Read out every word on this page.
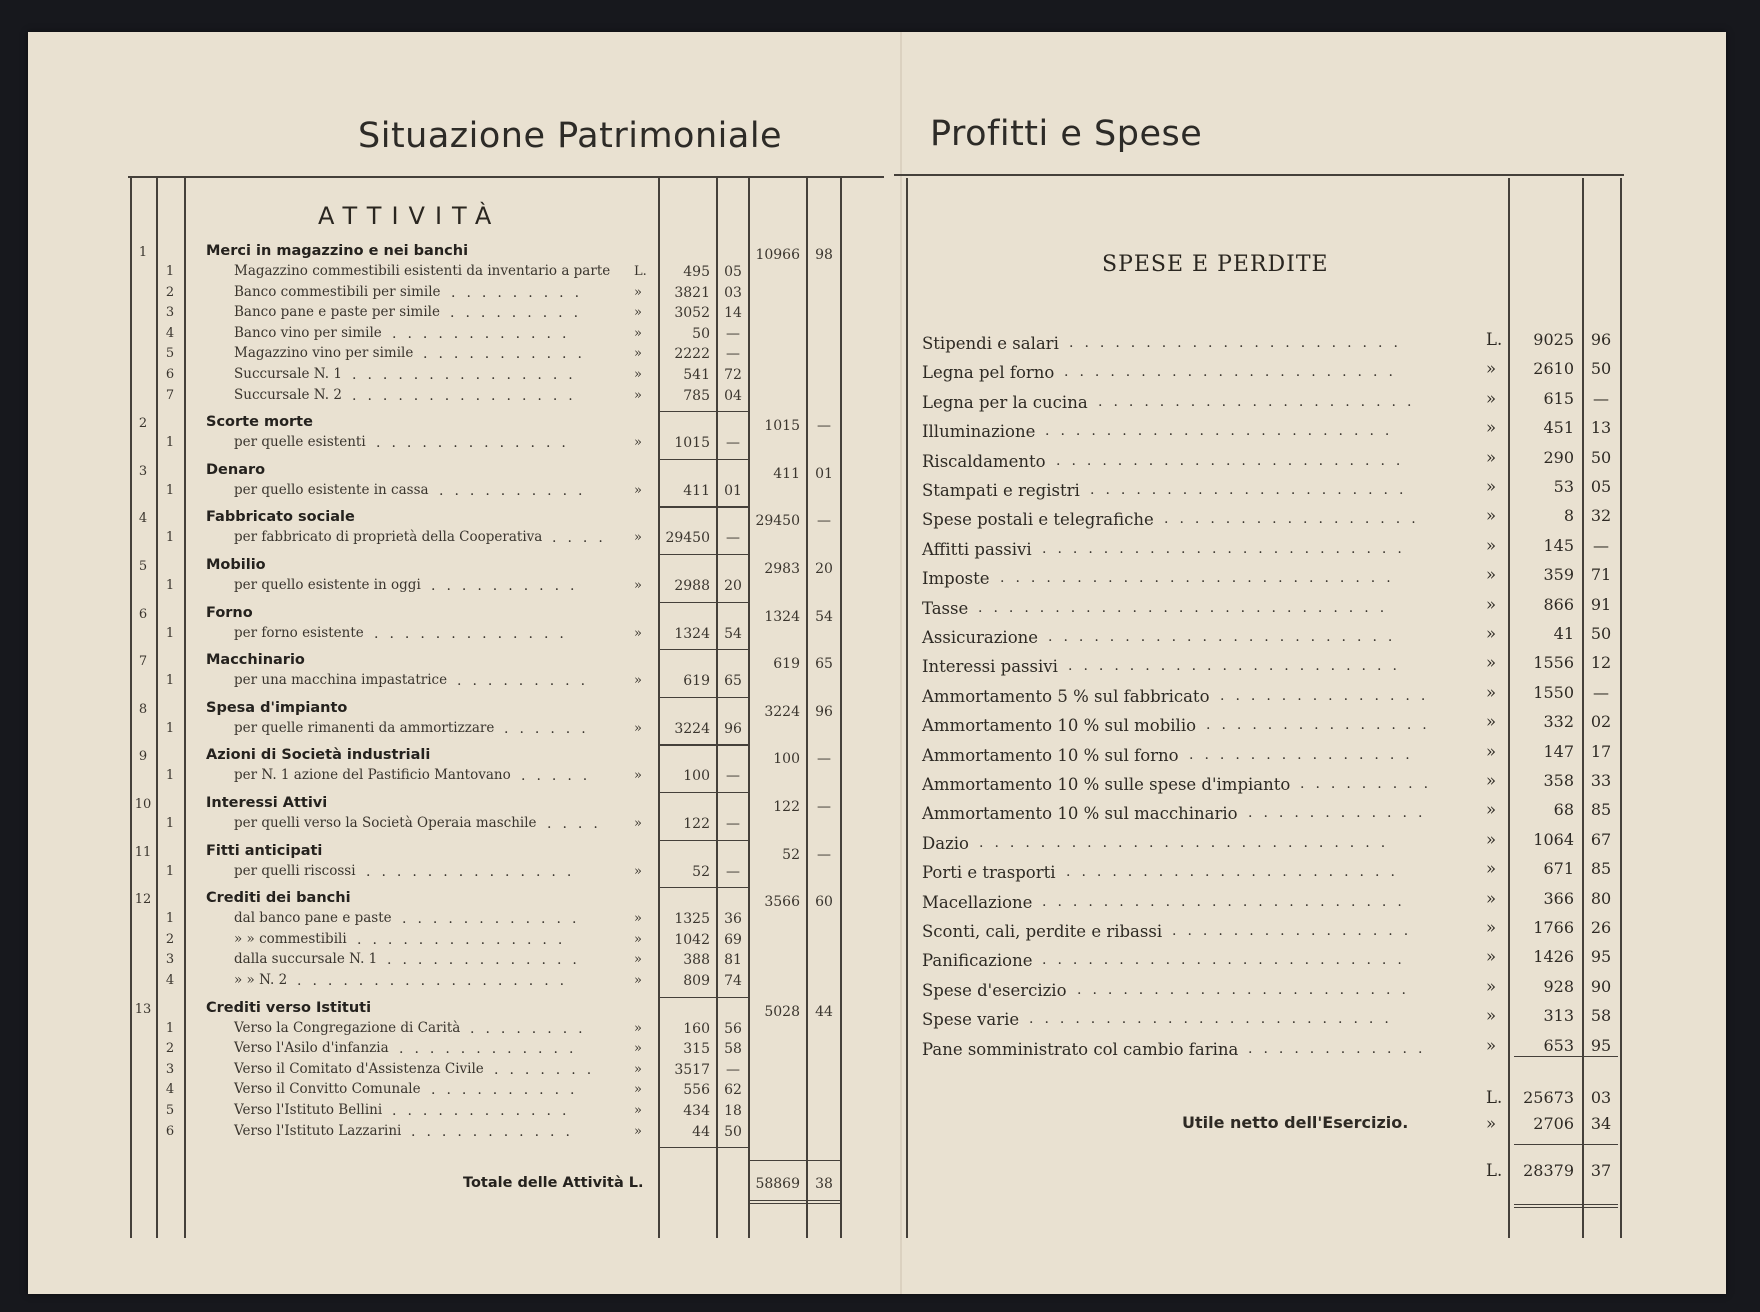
Situazione Patrimoniale	Profitti e Spese
ATTIVITÀ
1	Merci in magazzino e nei banchi	10966	98
1	Magazzino commestibili esistenti da inventario a parte L.	495	05
2	Banco commestibili per simile .........	»	3821	03
3	Banco pane e paste per simile .........	»	3052	14
4	Banco vino per simile ............	»	50	—
5	Magazzino vino per simile ...........	»	2222	—
6	Succursale N. 1 ...............	»	541	72
7	Succursale N. 2 ...............	»	785	04
2	Scorte morte	1015	—
1	per quelle esistenti .............	»	1015	—
3	Denaro	411	01
1	per quello esistente in cassa ..........	»	411	01
4	Fabbricato sociale	29450	—
1	per fabbricato di proprietà della Cooperativa ....	»	29450	—
5	Mobilio	2983	20
1	per quello esistente in oggi ..........	»	2988	20
6	Forno	1324	54
1	per forno esistente .............	»	1324	54
7	Macchinario	619	65
1	per una macchina impastatrice .........	»	619	65
8	Spesa d'impianto	3224	96
1	per quelle rimanenti da ammortizzare ......	»	3224	96
9	Azioni di Società industriali	100	—
1	per N. 1 azione del Pastificio Mantovano .....	»	100	—
10	Interessi Attivi	122	—
1	per quelli verso la Società Operaia maschile ....	»	122	—
11	Fitti anticipati	52	—
1	per quelli riscossi ..............	»	52	—
12	Crediti dei banchi	3566	60
1	dal banco pane e paste ............	»	1325	36
2	» » commestibili ..............	»	1042	69
3	dalla succursale N. 1 .............	»	388	81
4	» » N. 2 ..................	»	809	74
13	Crediti verso Istituti	5028	44
1	Verso la Congregazione di Carità ........	»	160	56
2	Verso l'Asilo d'infanzia ............	»	315	58
3	Verso il Comitato d'Assistenza Civile .......	»	3517	—
4	Verso il Convitto Comunale ..........	»	556	62
5	Verso l'Istituto Bellini ............	»	434	18
6	Verso l'Istituto Lazzarini ...........	»	44	50
Totale delle Attività L.	58869	38
SPESE E PERDITE
Stipendi e salari ......................	L.	9025	96
Legna pel forno ......................	»	2610	50
Legna per la cucina .....................	»	615	—
Illuminazione .......................	»	451	13
Riscaldamento .......................	»	290	50
Stampati e registri .....................	»	53	05
Spese postali e telegrafiche .................	»	8	32
Affitti passivi ........................	»	145	—
Imposte ..........................	»	359	71
Tasse ...........................	»	866	91
Assicurazione .......................	»	41	50
Interessi passivi ......................	»	1556	12
Ammortamento 5 % sul fabbricato ..............	»	1550	—
Ammortamento 10 % sul mobilio ...............	»	332	02
Ammortamento 10 % sul forno ...............	»	147	17
Ammortamento 10 % sulle spese d'impianto .........	»	358	33
Ammortamento 10 % sul macchinario ............	»	68	85
Dazio ...........................	»	1064	67
Porti e trasporti ......................	»	671	85
Macellazione ........................	»	366	80
Sconti, cali, perdite e ribassi ................	»	1766	26
Panificazione ........................	»	1426	95
Spese d'esercizio ......................	»	928	90
Spese varie ........................	»	313	58
Pane somministrato col cambio farina ............	»	653	95
L.	25673	03
Utile netto dell'Esercizio.	»	2706	34
L.	28379	37
